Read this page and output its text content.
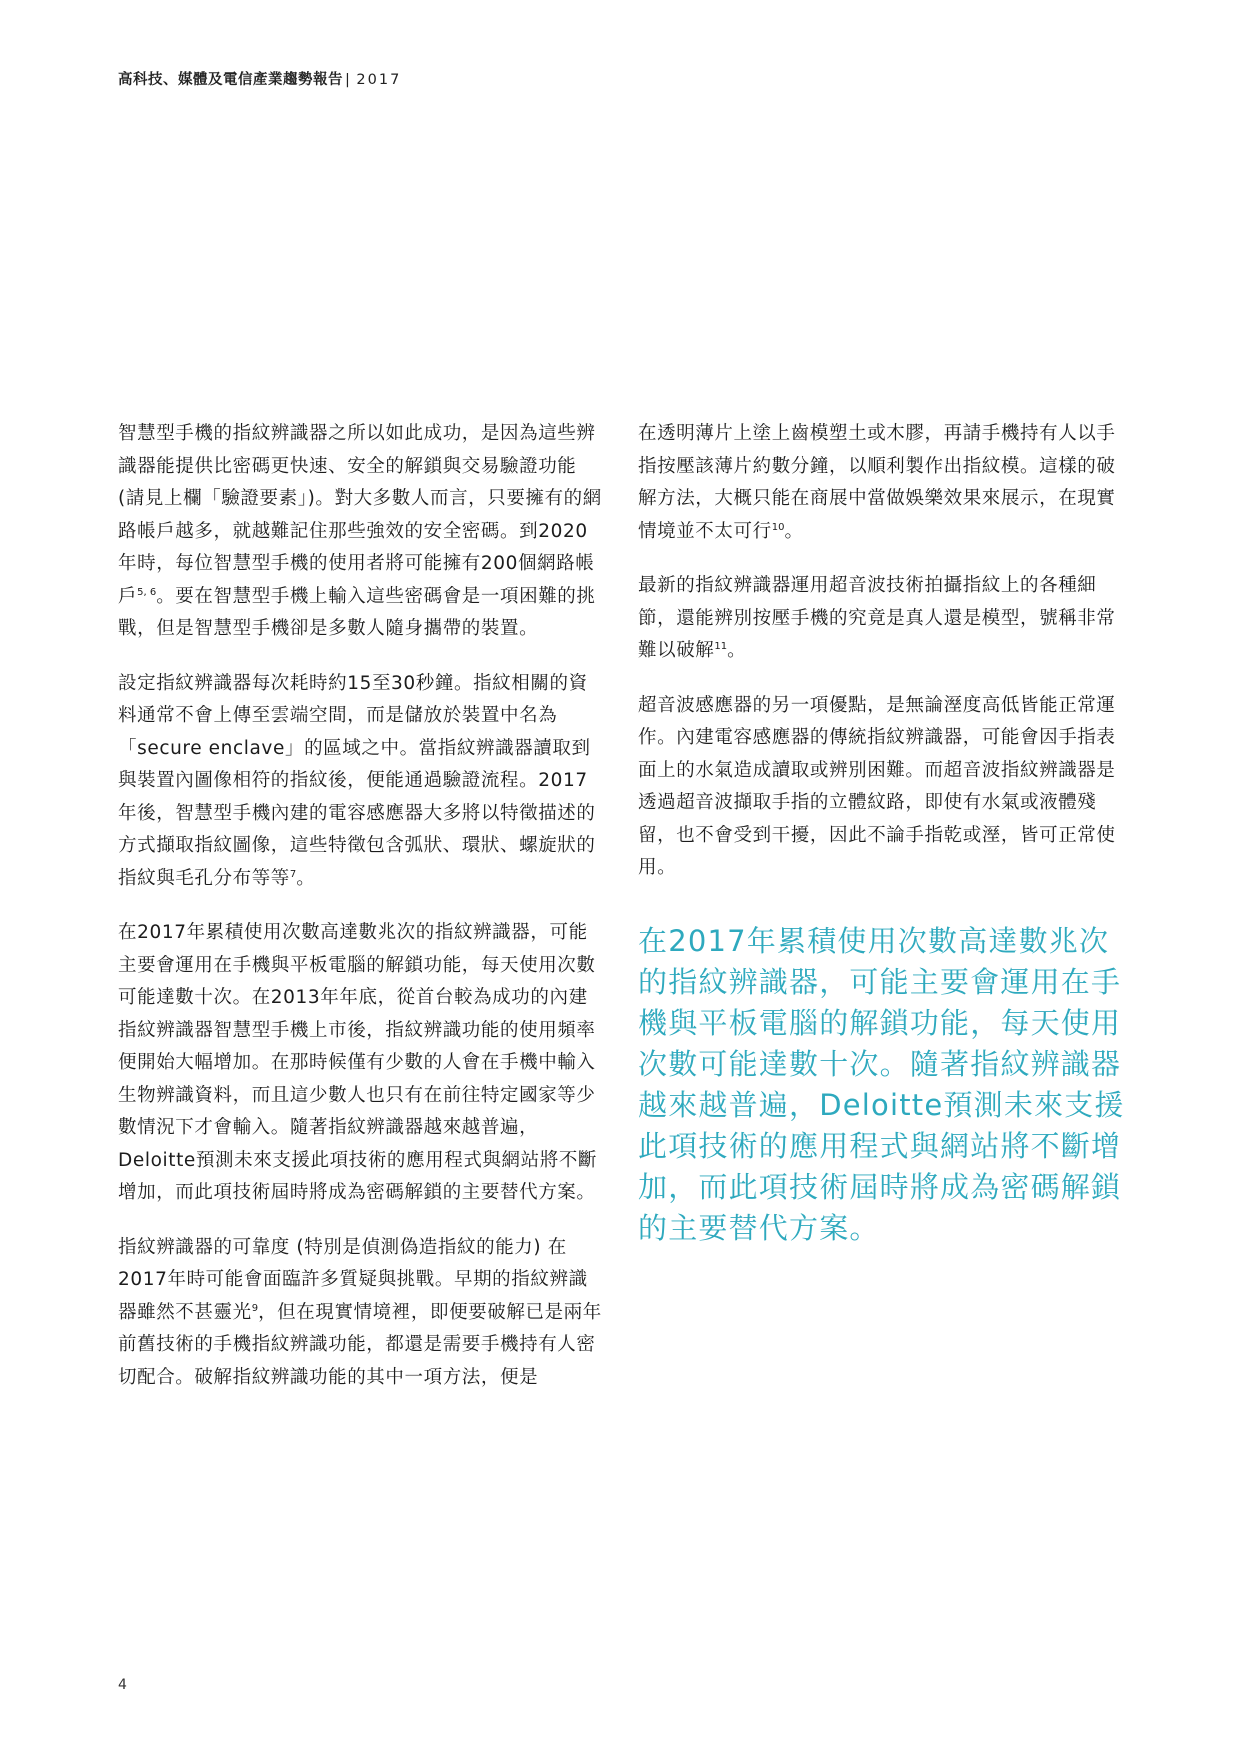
高科技、媒體及電信產業趨勢報告 | 2017

智慧型手機的指紋辨識器之所以如此成功，是因為這些辨識器能提供比密碼更快速、安全的解鎖與交易驗證功能 (請見上欄「驗證要素」)。對大多數人而言，只要擁有的網路帳戶越多，就越難記住那些強效的安全密碼。到2020年時，每位智慧型手機的使用者將可能擁有200個網路帳戶$^{5, 6}$。要在智慧型手機上輸入這些密碼會是一項困難的挑戰，但是智慧型手機卻是多數人隨身攜帶的裝置。

設定指紋辨識器每次耗時約15至30秒鐘。指紋相關的資料通常不會上傳至雲端空間，而是儲放於裝置中名為「secure enclave」的區域之中。當指紋辨識器讀取到與裝置內圖像相符的指紋後，便能通過驗證流程。2017年後，智慧型手機內建的電容感應器大多將以特徵描述的方式擷取指紋圖像，這些特徵包含弧狀、環狀、螺旋狀的指紋與毛孔分布等等$^7$。

在2017年累積使用次數高達數兆次的指紋辨識器，可能主要會運用在手機與平板電腦的解鎖功能，每天使用次數可能達數十次。在2013年年底，從首台較為成功的內建指紋辨識器智慧型手機上市後，指紋辨識功能的使用頻率便開始大幅增加。在那時候僅有少數的人會在手機中輸入生物辨識資料，而且這少數人也只有在前往特定國家等少數情況下才會輸入。隨著指紋辨識器越來越普遍，Deloitte預測未來支援此項技術的應用程式與網站將不斷增加，而此項技術屆時將成為密碼解鎖的主要替代方案。

指紋辨識器的可靠度 (特別是偵測偽造指紋的能力) 在2017年時可能會面臨許多質疑與挑戰。早期的指紋辨識器雖然不甚靈光$^9$，但在現實情境裡，即便要破解已是兩年前舊技術的手機指紋辨識功能，都還是需要手機持有人密切配合。破解指紋辨識功能的其中一項方法，便是

在透明薄片上塗上齒模塑土或木膠，再請手機持有人以手指按壓該薄片約數分鐘，以順利製作出指紋模。這樣的破解方法，大概只能在商展中當做娛樂效果來展示，在現實情境並不太可行$^{10}$。

最新的指紋辨識器運用超音波技術拍攝指紋上的各種細節，還能辨別按壓手機的究竟是真人還是模型，號稱非常難以破解$^{11}$。

超音波感應器的另一項優點，是無論溼度高低皆能正常運作。內建電容感應器的傳統指紋辨識器，可能會因手指表面上的水氣造成讀取或辨別困難。而超音波指紋辨識器是透過超音波擷取手指的立體紋路，即使有水氣或液體殘留，也不會受到干擾，因此不論手指乾或溼，皆可正常使用。

在2017年累積使用次數高達數兆次的指紋辨識器，可能主要會運用在手機與平板電腦的解鎖功能，每天使用次數可能達數十次。隨著指紋辨識器越來越普遍，Deloitte預測未來支援此項技術的應用程式與網站將不斷增加，而此項技術屆時將成為密碼解鎖的主要替代方案。
4
